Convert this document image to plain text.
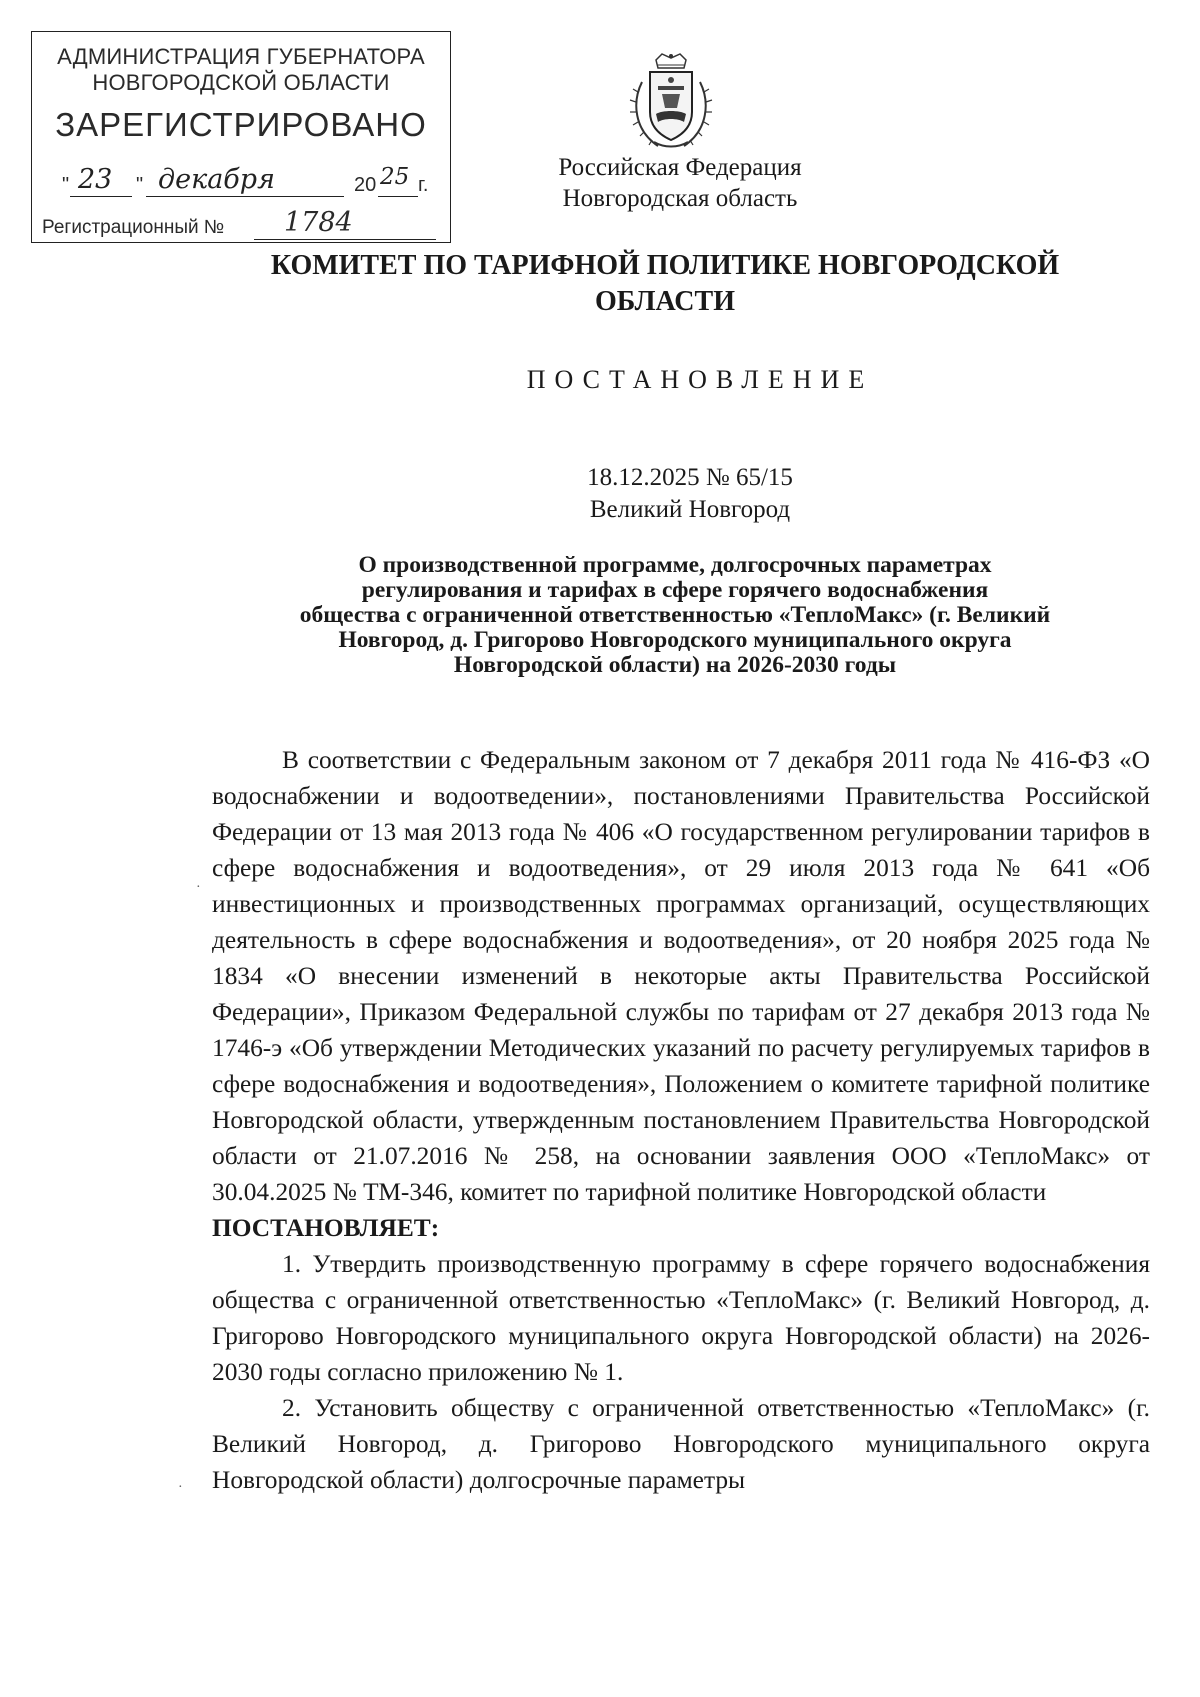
АДМИНИСТРАЦИЯ ГУБЕРНАТОРА
НОВГОРОДСКОЙ ОБЛАСТИ
ЗАРЕГИСТРИРОВАНО
" 23 " декабря	20 25 г.
Регистрационный № 1784
Российская Федерация
Новгородская область
КОМИТЕТ ПО ТАРИФНОЙ ПОЛИТИКЕ НОВГОРОДСКОЙ
ОБЛАСТИ
ПОСТАНОВЛЕНИЕ
18.12.2025 № 65/15
Великий Новгород
О производственной программе, долгосрочных параметрах
регулирования и тарифах в сфере горячего водоснабжения
общества с ограниченной ответственностью «ТеплоМакс» (г. Великий
Новгород, д. Григорово Новгородского муниципального округа
Новгородской области) на 2026-2030 годы

В соответствии с Федеральным законом от 7 декабря 2011 года № 416-ФЗ «О водоснабжении и водоотведении», постановлениями Правительства Российской Федерации от 13 мая 2013 года № 406 «О государственном регулировании тарифов в сфере водоснабжения и водоотведения», от 29 июля 2013 года № 641 «Об инвестиционных и производственных программах организаций, осуществляющих деятельность в сфере водоснабжения и водоотведения», от 20 ноября 2025 года № 1834 «О внесении изменений в некоторые акты Правительства Российской Федерации», Приказом Федеральной службы по тарифам от 27 декабря 2013 года № 1746-э «Об утверждении Методических указаний по расчету регулируемых тарифов в сфере водоснабжения и водоотведения», Положением о комитете тарифной политике Новгородской области, утвержденным постановлением Правительства Новгородской области от 21.07.2016 № 258, на основании заявления ООО «ТеплоМакс» от 30.04.2025 № ТМ-346, комитет по тарифной политике Новгородской области

ПОСТАНОВЛЯЕТ:

1. Утвердить производственную программу в сфере горячего водоснабжения общества с ограниченной ответственностью «ТеплоМакс» (г. Великий Новгород, д. Григорово Новгородского муниципального округа Новгородской области) на 2026-2030 годы согласно приложению № 1.

2. Установить обществу с ограниченной ответственностью «ТеплоМакс» (г. Великий Новгород, д. Григорово Новгородского муниципального округа Новгородской области) долгосрочные параметры

·
·
